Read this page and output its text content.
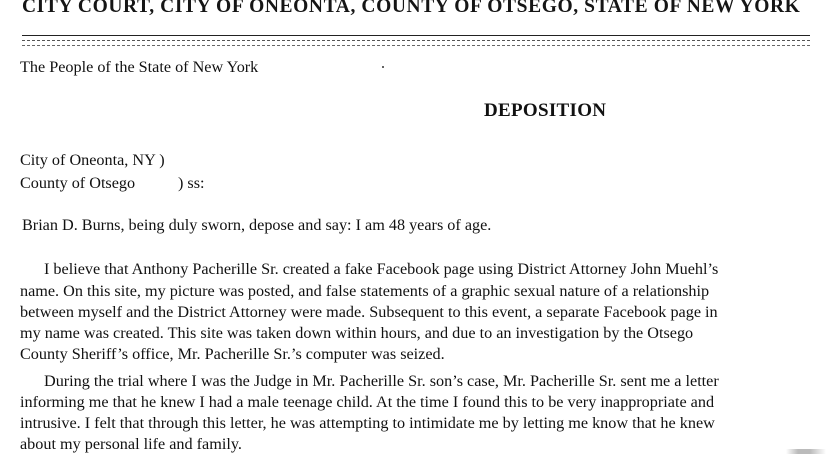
CITY COURT, CITY OF ONEONTA, COUNTY OF OTSEGO, STATE OF NEW YORK
The People of the State of New York
DEPOSITION
City of Oneonta, NY )
County of Otsego	) ss:
Brian D. Burns, being duly sworn, depose and say: I am 48 years of age.
I believe that Anthony Pacherille Sr. created a fake Facebook page using District Attorney John Muehl’s
name. On this site, my picture was posted, and false statements of a graphic sexual nature of a relationship
between myself and the District Attorney were made. Subsequent to this event, a separate Facebook page in
my name was created. This site was taken down within hours, and due to an investigation by the Otsego
County Sheriff’s office, Mr. Pacherille Sr.’s computer was seized.
During the trial where I was the Judge in Mr. Pacherille Sr. son’s case, Mr. Pacherille Sr. sent me a letter
informing me that he knew I had a male teenage child. At the time I found this to be very inappropriate and
intrusive. I felt that through this letter, he was attempting to intimidate me by letting me know that he knew
about my personal life and family.
